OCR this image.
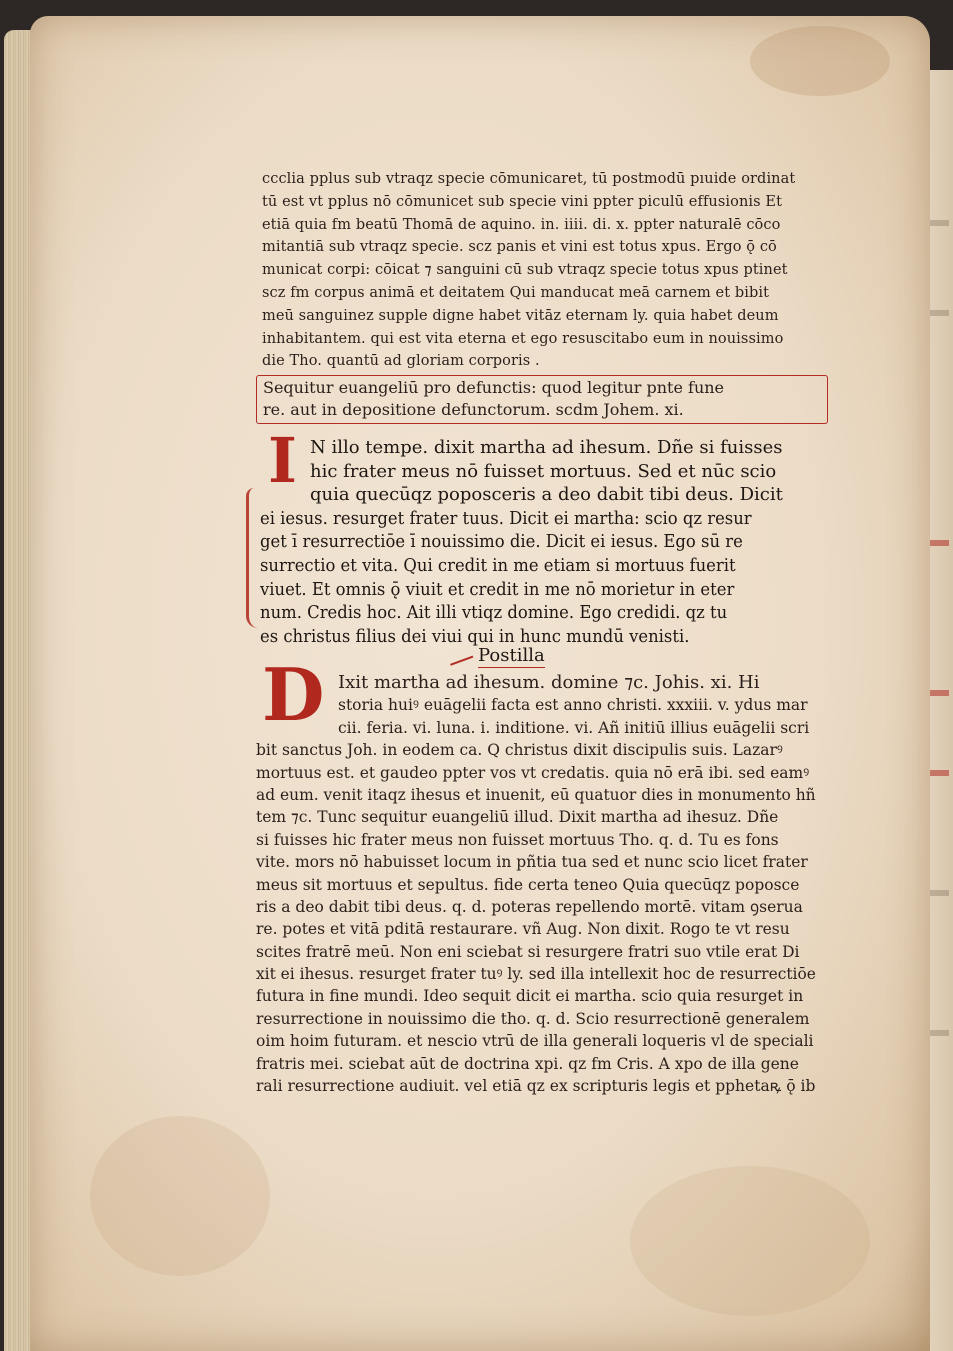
ccclia pplus sub vtraqz specie cōmunicaret, tū postmodū pıuide ordinat
tū est vt pplus nō cōmunicet sub specie vini ppter piculū effusionis Et
etiā quia fm beatū Thomā de aquino. in. iiii. di. x. ppter naturalē cōco
mitantiā sub vtraqz specie. scz panis et vini est totus xpus. Ergo ǭ cō
municat corpi: cōicat ⁊ sanguini cū sub vtraqz specie totus xpus ptinet
scz fm corpus animā et deitatem Qui manducat meā carnem et bibit
meū sanguinez supple digne habet vitāz eternam ly. quia habet deum
inhabitantem. qui est vita eterna et ego resuscitabo eum in nouissimo
die Tho. quantū ad gloriam corporis .
Sequitur euangeliū pro defunctis: quod legitur pnte fune
re. aut in depositione defunctorum. scdm Johem. xi.
I N illo tempe. dixit martha ad ihesum. Dñe si fuisses
hic frater meus nō fuisset mortuus. Sed et nūc scio
quia quecūqz poposceris a deo dabit tibi deus. Dicit
ei iesus. resurget frater tuus. Dicit ei martha: scio qz resur
get ī resurrectiōe ī nouissimo die. Dicit ei iesus. Ego sū re
surrectio et vita. Qui credit in me etiam si mortuus fuerit
viuet. Et omnis ǭ viuit et credit in me nō morietur in eter
num. Credis hoc. Ait illi vtiqz domine. Ego credidi. qz tu
es christus filius dei viui qui in hunc mundū venisti.
Postilla
D Ixit martha ad ihesum. domine ⁊c. Johis. xi. Hi
storia huiꝰ euāgelii facta est anno christi. xxxiii. v. ydus mar
cii. feria. vi. luna. i. inditione. vi. Añ initiū illius euāgelii scri
bit sanctus Joh. in eodem ca. Q christus dixit discipulis suis. Lazarꝰ
mortuus est. et gaudeo ppter vos vt credatis. quia nō erā ibi. sed eamꝰ
ad eum. venit itaqz ihesus et inuenit, eū quatuor dies in monumento hñ
tem ⁊c. Tunc sequitur euangeliū illud. Dixit martha ad ihesuz. Dñe
si fuisses hic frater meus non fuisset mortuus Tho. q. d. Tu es fons
vite. mors nō habuisset locum in pñtia tua sed et nunc scio licet frater
meus sit mortuus et sepultus. fide certa teneo Quia quecūqz poposce
ris a deo dabit tibi deus. q. d. poteras repellendo mortē. vitam ꝯserua
re. potes et vitā pditā restaurare. vñ Aug. Non dixit. Rogo te vt resu
scites fratrē meū. Non eni sciebat si resurgere fratri suo vtile erat Di
xit ei ihesus. resurget frater tuꝰ ly. sed illa intellexit hoc de resurrectiōe
futura in fine mundi. Ideo sequit dicit ei martha. scio quia resurget in
resurrectione in nouissimo die tho. q. d. Scio resurrectionē generalem
oim hoim futuram. et nescio vtrū de illa generali loqueris vl de speciali
fratris mei. sciebat aūt de doctrina xpi. qz fm Cris. A xpo de illa gene
rali resurrectione audiuit. vel etiā qz ex scripturis legis et pphetaꝶ ǭ ib
